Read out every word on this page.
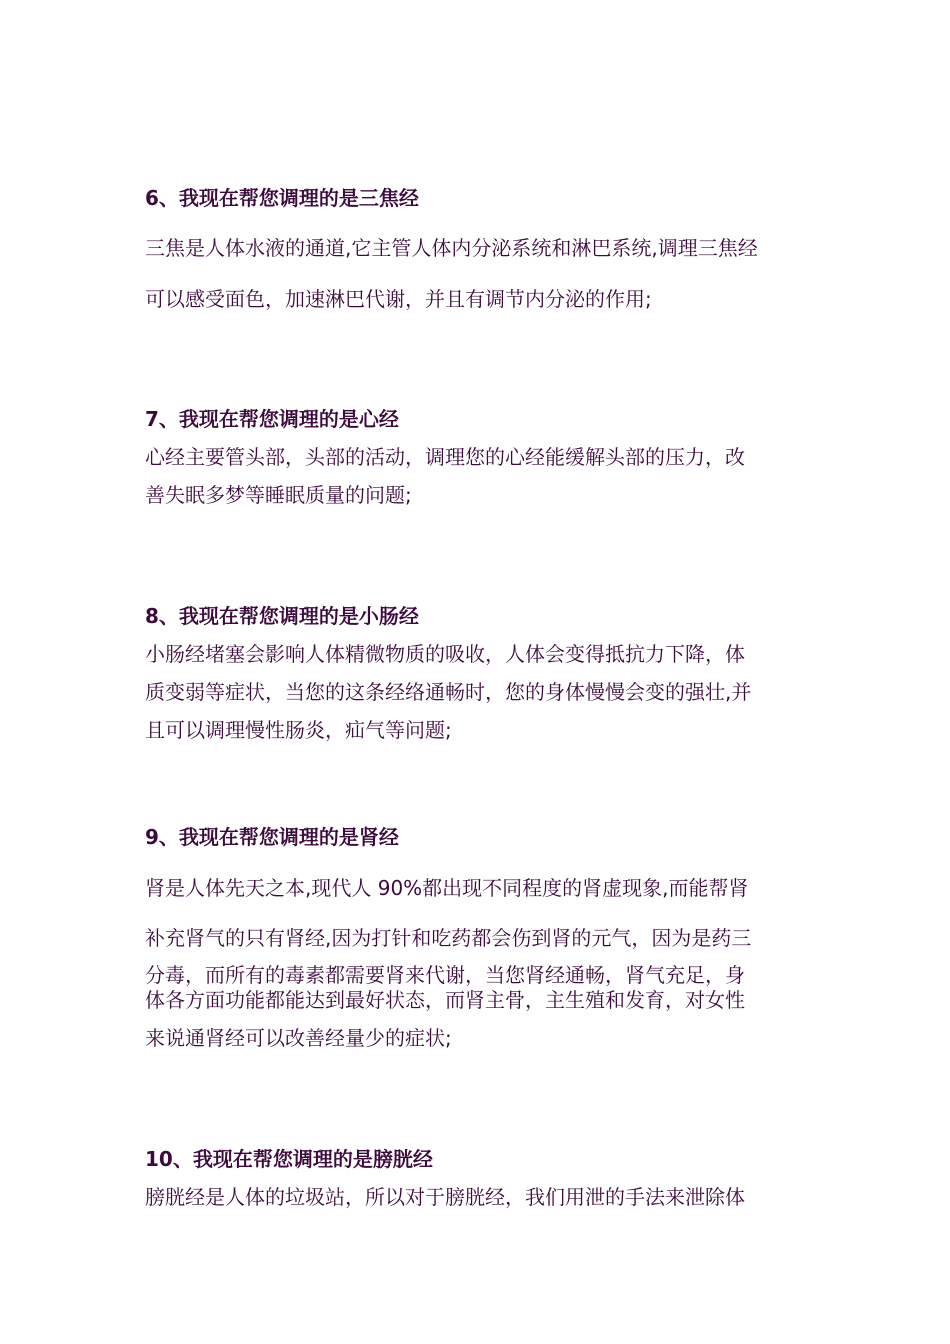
6、我现在帮您调理的是三焦经
三焦是人体水液的通道,它主管人体内分泌系统和淋巴系统,调理三焦经
可以感受面色，加速淋巴代谢，并且有调节内分泌的作用;
7、我现在帮您调理的是心经
心经主要管头部，头部的活动，调理您的心经能缓解头部的压力，改
善失眠多梦等睡眠质量的问题;
8、我现在帮您调理的是小肠经
小肠经堵塞会影响人体精微物质的吸收，人体会变得抵抗力下降，体
质变弱等症状，当您的这条经络通畅时，您的身体慢慢会变的强壮,并
且可以调理慢性肠炎，疝气等问题;
9、我现在帮您调理的是肾经
肾是人体先天之本,现代人 90%都出现不同程度的肾虚现象,而能帮肾
补充肾气的只有肾经,因为打针和吃药都会伤到肾的元气，因为是药三
分毒，而所有的毒素都需要肾来代谢，当您肾经通畅，肾气充足，身
体各方面功能都能达到最好状态，而肾主骨，主生殖和发育，对女性
来说通肾经可以改善经量少的症状;
10、我现在帮您调理的是膀胱经
膀胱经是人体的垃圾站，所以对于膀胱经，我们用泄的手法来泄除体
